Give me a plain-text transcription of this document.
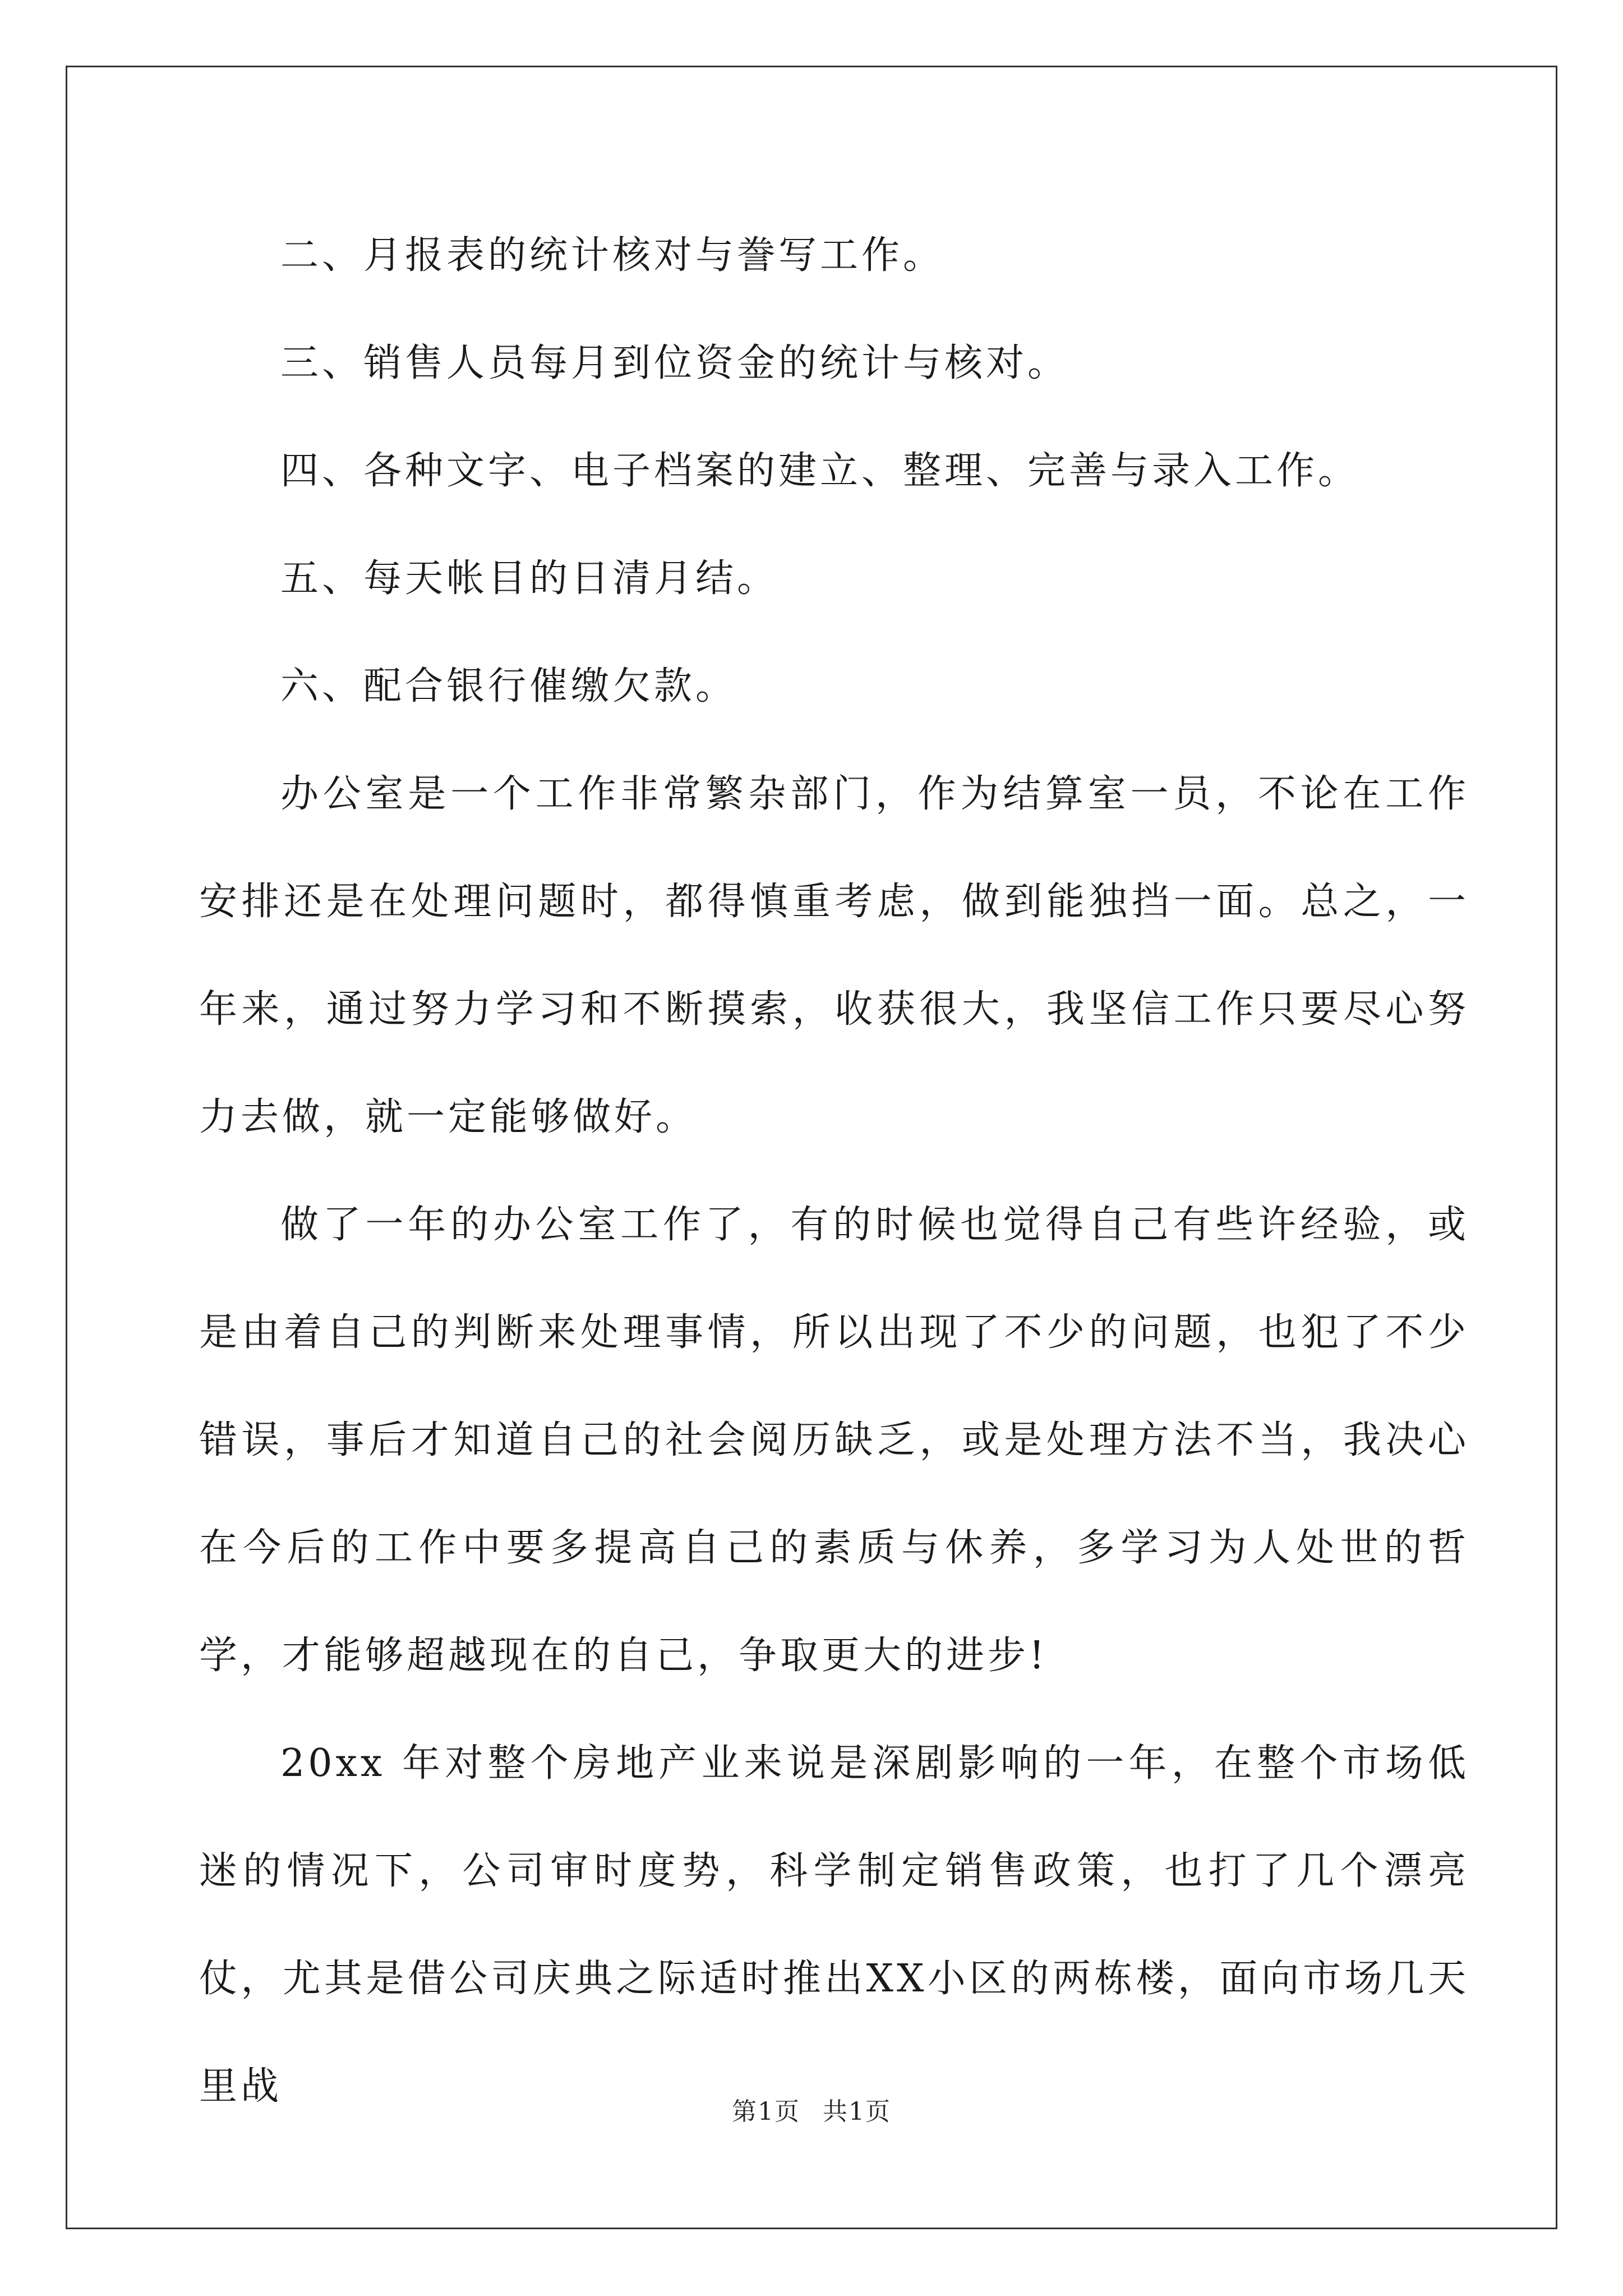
二、月报表的统计核对与誊写工作。

三、销售人员每月到位资金的统计与核对。

四、各种文字、电子档案的建立、整理、完善与录入工作。

五、每天帐目的日清月结。

六、配合银行催缴欠款。

办公室是一个工作非常繁杂部门，作为结算室一员，不论在工作安排还是在处理问题时，都得慎重考虑，做到能独挡一面。总之，一年来，通过努力学习和不断摸索，收获很大，我坚信工作只要尽心努力去做，就一定能够做好。

做了一年的办公室工作了，有的时候也觉得自己有些许经验，或是由着自己的判断来处理事情，所以出现了不少的问题，也犯了不少错误，事后才知道自己的社会阅历缺乏，或是处理方法不当，我决心在今后的工作中要多提高自己的素质与休养，多学习为人处世的哲学，才能够超越现在的自己，争取更大的进步!

20xx 年对整个房地产业来说是深剧影响的一年，在整个市场低迷的情况下，公司审时度势，科学制定销售政策，也打了几个漂亮仗，尤其是借公司庆典之际适时推出XX小区的两栋楼，面向市场几天里战

第1页 共1页
